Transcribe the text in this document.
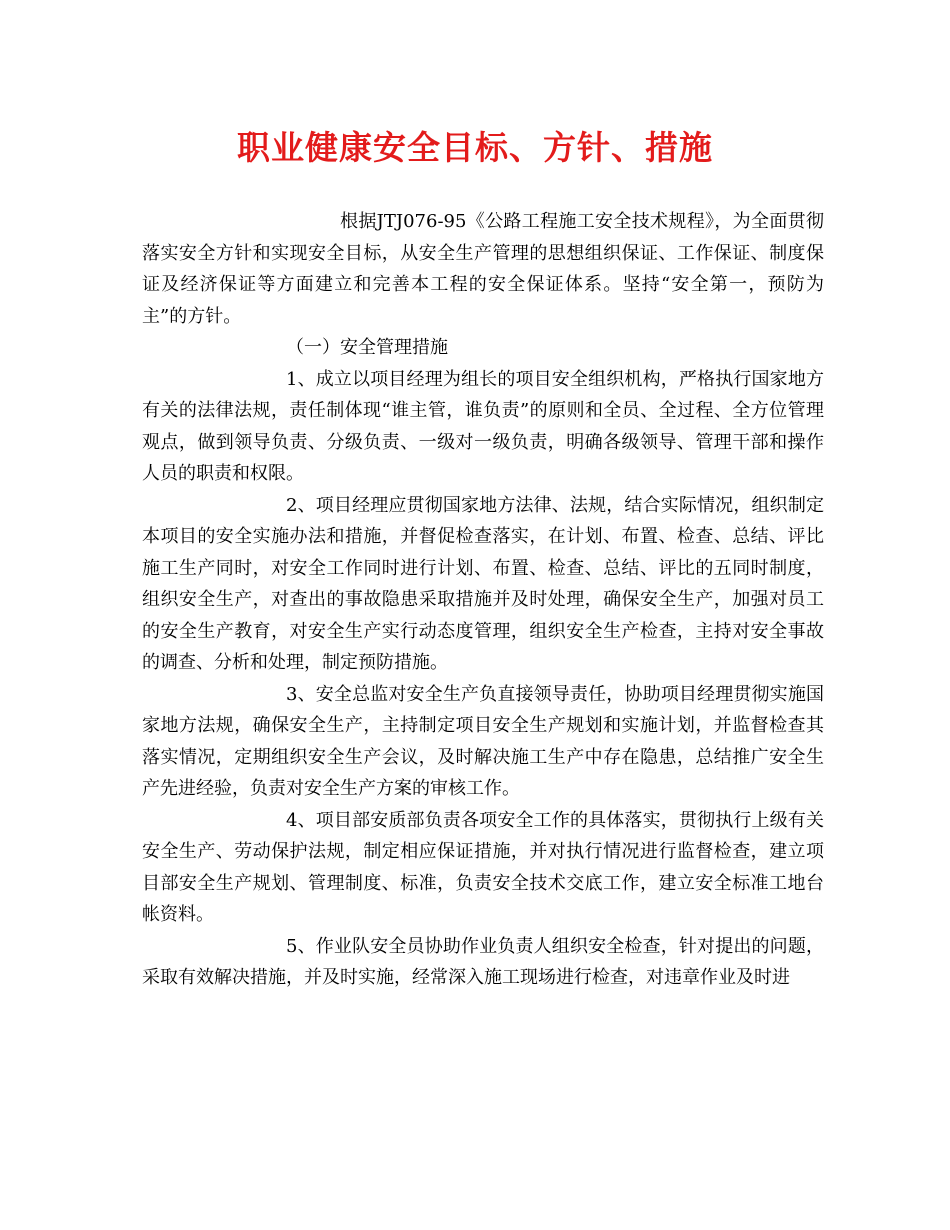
职业健康安全目标、方针、措施

根据JTJ076-95《公路工程施工安全技术规程》，为全面贯彻落实安全方针和实现安全目标，从安全生产管理的思想组织保证、工作保证、制度保证及经济保证等方面建立和完善本工程的安全保证体系。坚持“安全第一，预防为主”的方针。

（一）安全管理措施

1、成立以项目经理为组长的项目安全组织机构，严格执行国家地方有关的法律法规，责任制体现“谁主管，谁负责”的原则和全员、全过程、全方位管理观点，做到领导负责、分级负责、一级对一级负责，明确各级领导、管理干部和操作人员的职责和权限。

2、项目经理应贯彻国家地方法律、法规，结合实际情况，组织制定本项目的安全实施办法和措施，并督促检查落实，在计划、布置、检查、总结、评比施工生产同时，对安全工作同时进行计划、布置、检查、总结、评比的五同时制度，组织安全生产，对查出的事故隐患采取措施并及时处理，确保安全生产，加强对员工的安全生产教育，对安全生产实行动态度管理，组织安全生产检查，主持对安全事故的调查、分析和处理，制定预防措施。

3、安全总监对安全生产负直接领导责任，协助项目经理贯彻实施国家地方法规，确保安全生产，主持制定项目安全生产规划和实施计划，并监督检查其落实情况，定期组织安全生产会议，及时解决施工生产中存在隐患，总结推广安全生产先进经验，负责对安全生产方案的审核工作。

4、项目部安质部负责各项安全工作的具体落实，贯彻执行上级有关安全生产、劳动保护法规，制定相应保证措施，并对执行情况进行监督检查，建立项目部安全生产规划、管理制度、标准，负责安全技术交底工作，建立安全标准工地台帐资料。

5、作业队安全员协助作业负责人组织安全检查，针对提出的问题，采取有效解决措施，并及时实施，经常深入施工现场进行检查，对违章作业及时进
